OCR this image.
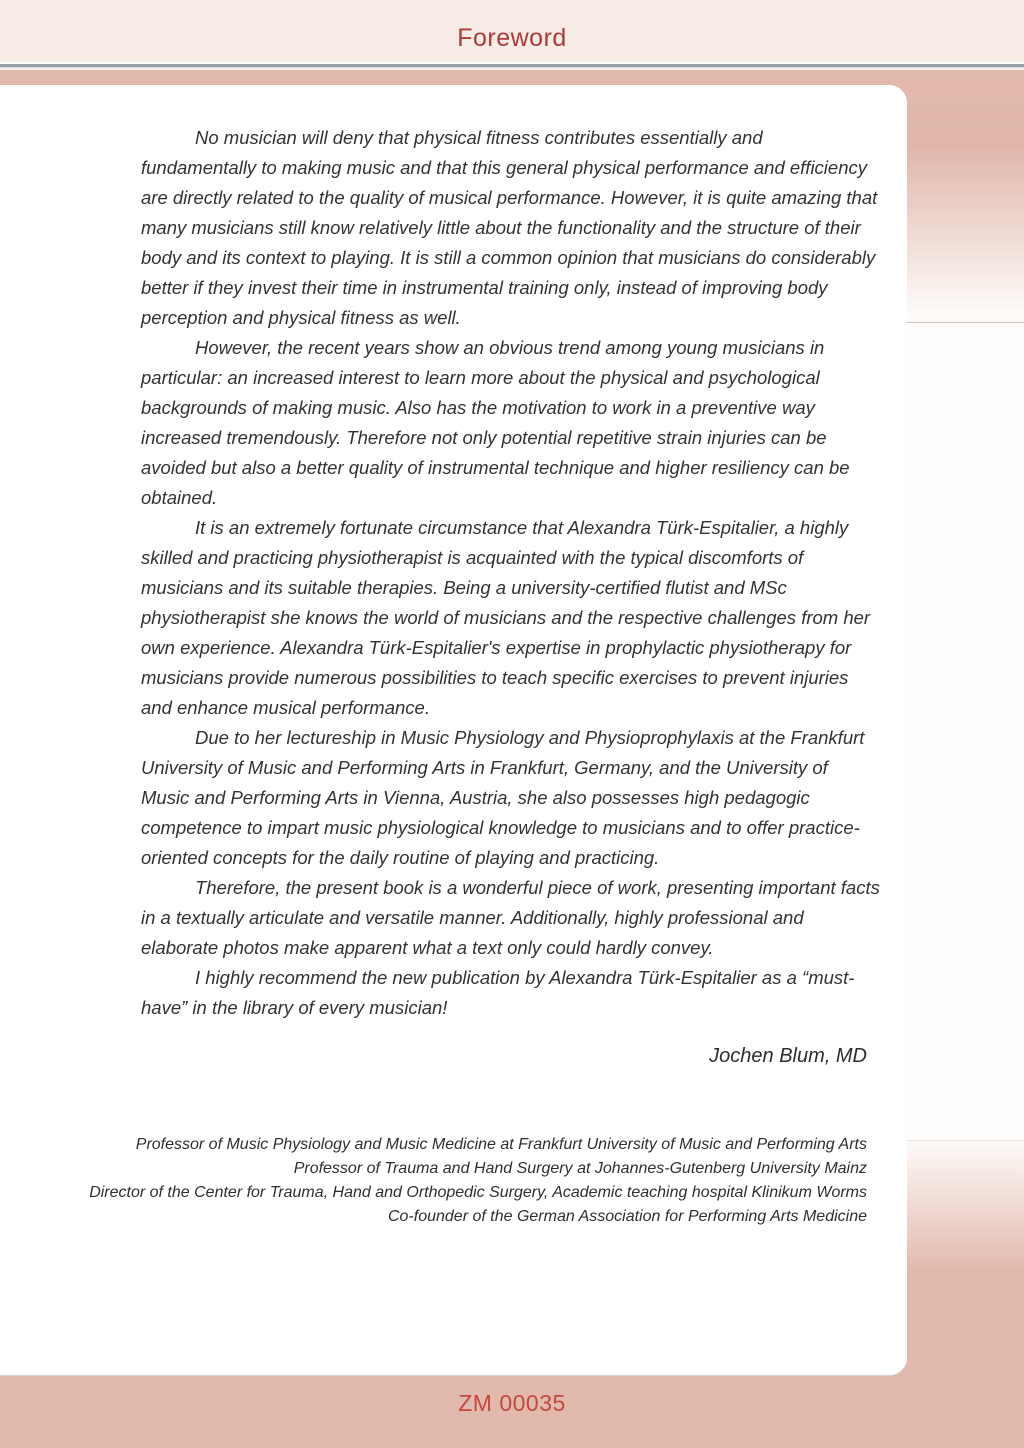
Foreword

No musician will deny that physical fitness contributes essentially and fundamentally to making music and that this general physical performance and efficiency are directly related to the quality of musical performance. However, it is quite amazing that many musicians still know relatively little about the functionality and the structure of their body and its context to playing. It is still a common opinion that musicians do considerably better if they invest their time in instrumental training only, instead of improving body perception and physical fitness as well.

However, the recent years show an obvious trend among young musicians in particular: an increased interest to learn more about the physical and psychological backgrounds of making music. Also has the motivation to work in a preventive way increased tremendously. Therefore not only potential repetitive strain injuries can be avoided but also a better quality of instrumental technique and higher resiliency can be obtained.

It is an extremely fortunate circumstance that Alexandra Türk-Espitalier, a highly skilled and practicing physiotherapist is acquainted with the typical discomforts of musicians and its suitable therapies. Being a university-certified flutist and MSc physiotherapist she knows the world of musicians and the respective challenges from her own experience. Alexandra Türk-Espitalier's expertise in prophylactic physiotherapy for musicians provide numerous possibilities to teach specific exercises to prevent injuries and enhance musical performance.

Due to her lectureship in Music Physiology and Physioprophylaxis at the Frankfurt University of Music and Performing Arts in Frankfurt, Germany, and the University of Music and Performing Arts in Vienna, Austria, she also possesses high pedagogic competence to impart music physiological knowledge to musicians and to offer practice-oriented concepts for the daily routine of playing and practicing.

Therefore, the present book is a wonderful piece of work, presenting important facts in a textually articulate and versatile manner. Additionally, highly professional and elaborate photos make apparent what a text only could hardly convey.

I highly recommend the new publication by Alexandra Türk-Espitalier as a “must-have” in the library of every musician!

Jochen Blum, MD
Professor of Music Physiology and Music Medicine at Frankfurt University of Music and Performing Arts
Professor of Trauma and Hand Surgery at Johannes-Gutenberg University Mainz
Director of the Center for Trauma, Hand and Orthopedic Surgery, Academic teaching hospital Klinikum Worms
Co-founder of the German Association for Performing Arts Medicine
ZM 00035
